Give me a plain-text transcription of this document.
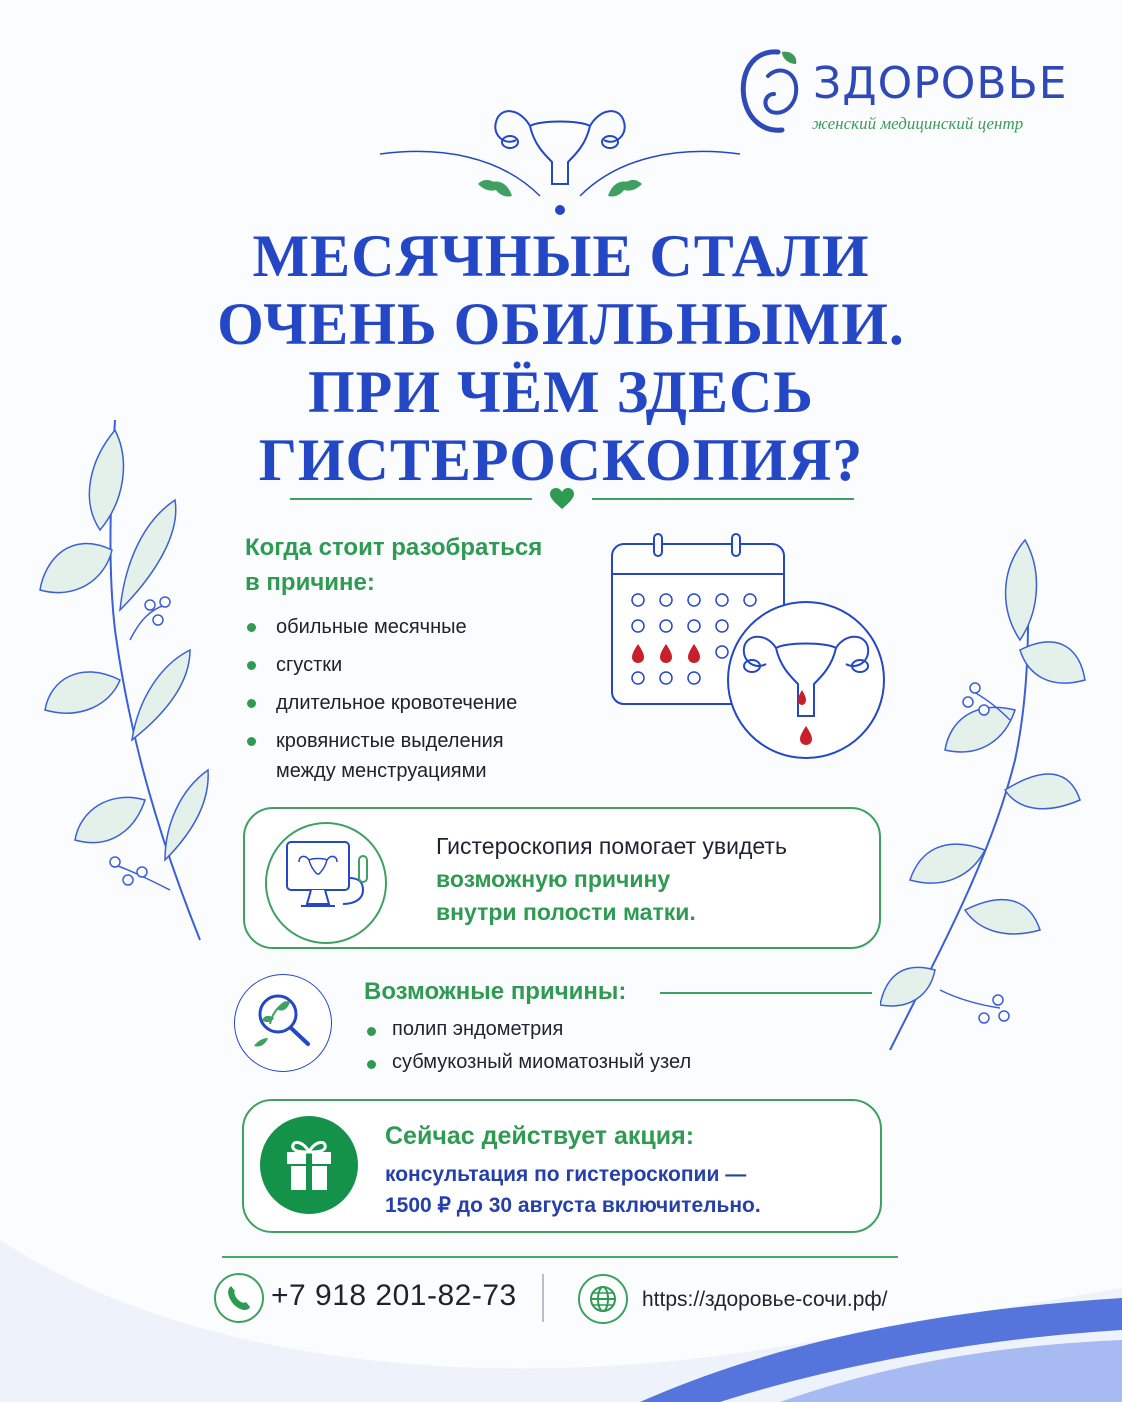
ЗДОРОВЬЕ
женский медицинский центр
МЕСЯЧНЫЕ СТАЛИ
ОЧЕНЬ ОБИЛЬНЫМИ.
ПРИ ЧЁМ ЗДЕСЬ
ГИСТЕРОСКОПИЯ?
Когда стоит разобраться
в причине:
обильные месячные
сгустки
длительное кровотечение
кровянистые выделения
между менструациями
Гистероскопия помогает увидеть
возможную причину
внутри полости матки.
Возможные причины:
полип эндометрия
субмукозный миоматозный узел
Сейчас действует акция:
консультация по гистероскопии —
1500 ₽ до 30 августа включительно.
+7 918 201-82-73	https://здоровье-сочи.рф/
